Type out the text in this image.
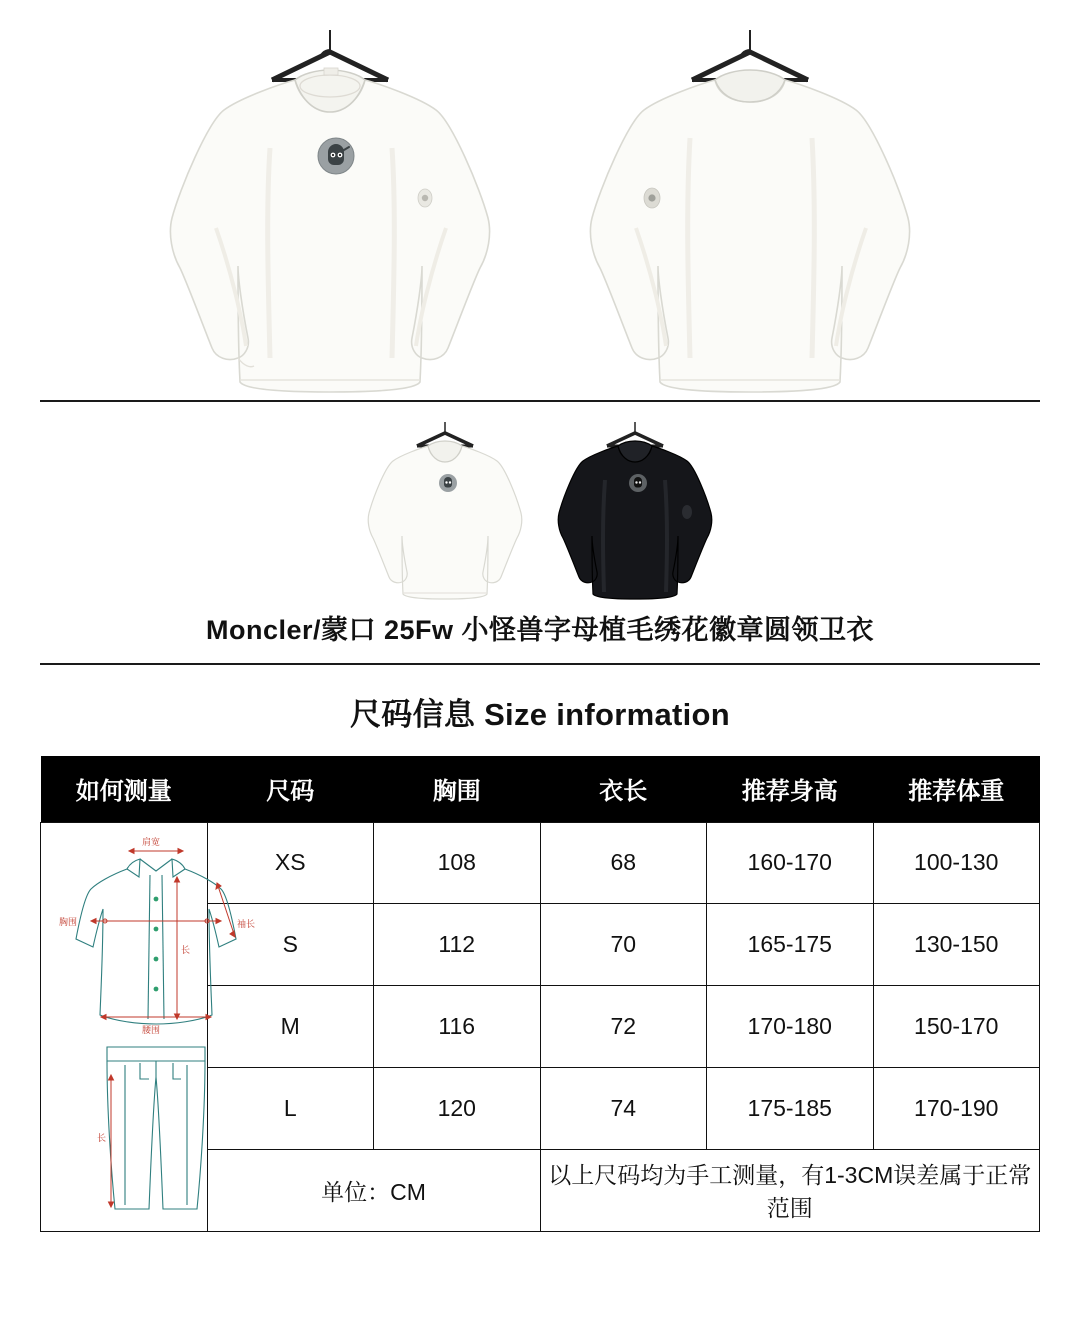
Moncler/蒙口 25Fw 小怪兽字母植毛绣花徽章圆领卫衣
尺码信息 Size information
如何测量	尺码	胸围	衣长	推荐身高	推荐体重

肩宽
胸围	袖长
长
腰围
长
	XS	108	68	160-170	100-130
	S	112	70	165-175	130-150
	M	116	72	170-180	150-170
	L	120	74	175-185	170-190
	单位：CM		以上尺码均为手工测量，有1-3CM误差属于正常范围		
